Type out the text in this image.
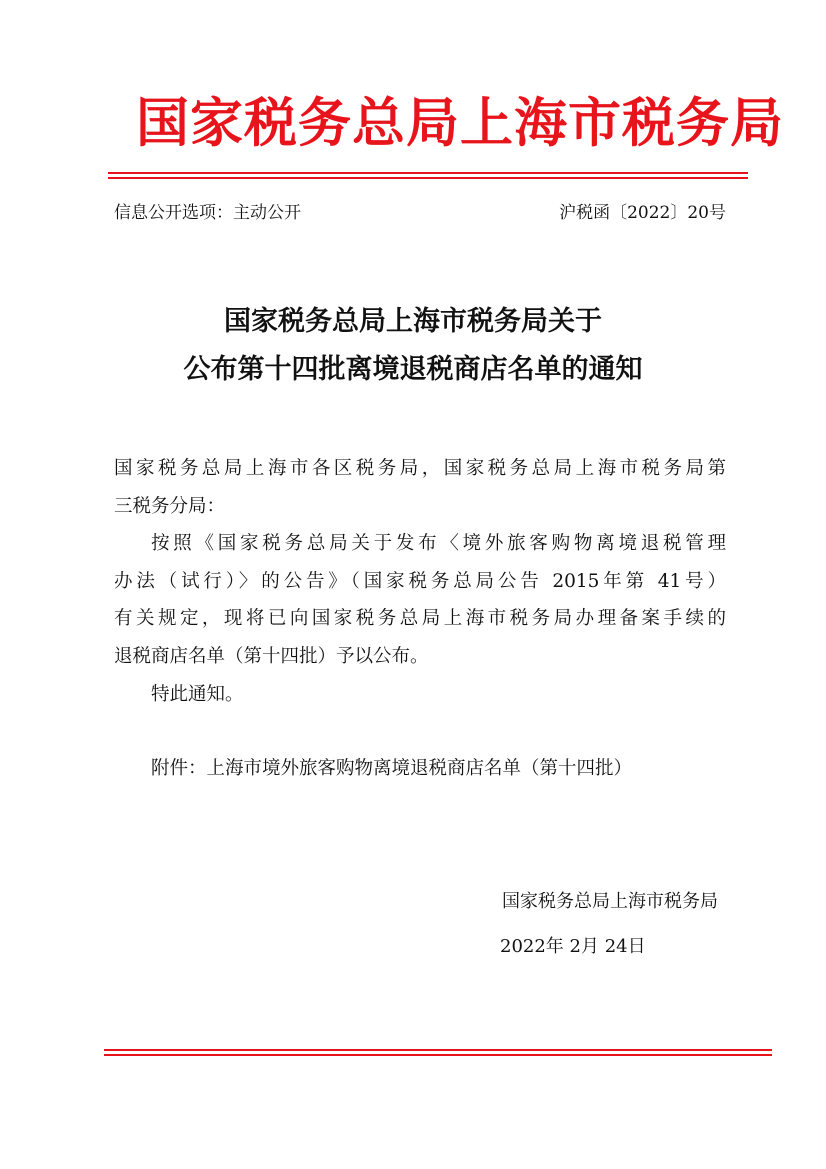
国家税务总局上海市税务局
信息公开选项：主动公开	沪税函〔2022〕20号
国家税务总局上海市税务局关于
公布第十四批离境退税商店名单的通知

国家税务总局上海市各区税务局，国家税务总局上海市税务局第

三税务分局：

按照《国家税务总局关于发布〈境外旅客购物离境退税管理

办法（试行）〉的公告》（国家税务总局公告 2015年第 41号）

有关规定，现将已向国家税务总局上海市税务局办理备案手续的

退税商店名单（第十四批）予以公布。

特此通知。

附件：上海市境外旅客购物离境退税商店名单（第十四批）

国家税务总局上海市税务局
2022年 2月 24日
